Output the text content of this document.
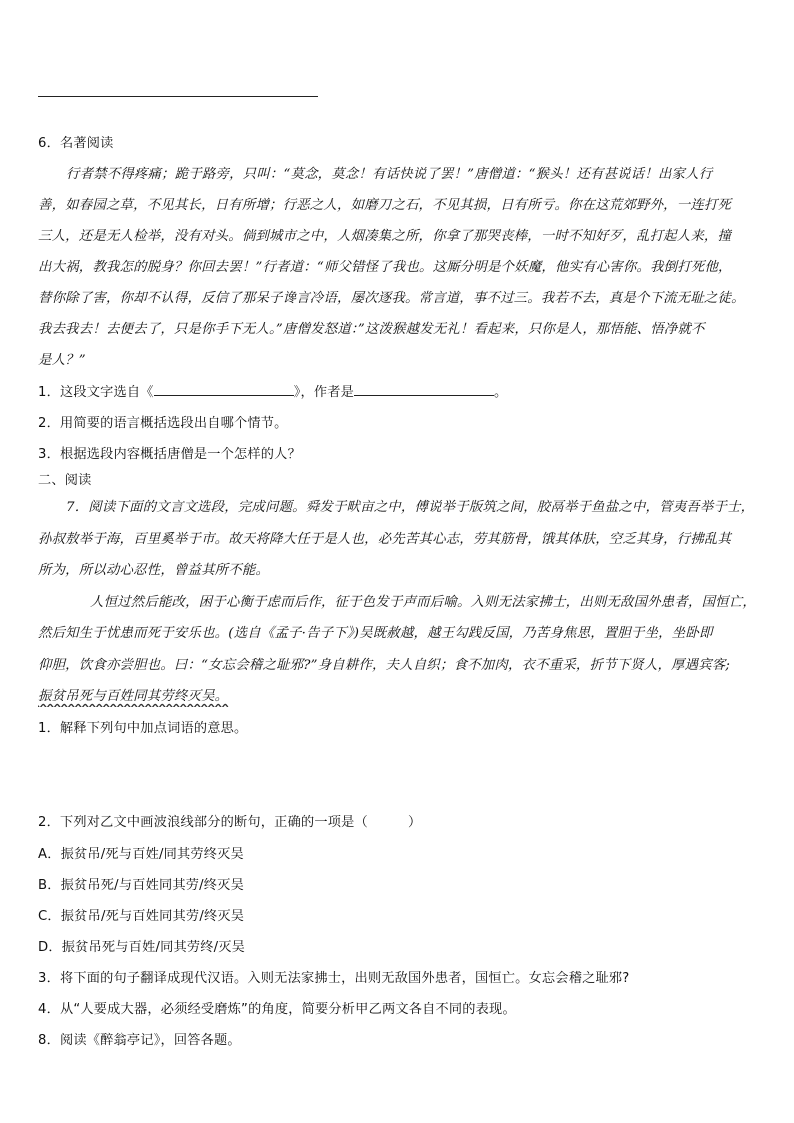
6．名著阅读
行者禁不得疼痛；跪于路旁，只叫：“莫念，莫念！有话快说了罢！”唐僧道：“猴头！还有甚说话！出家人行
善，如春园之草，不见其长，日有所增；行恶之人，如磨刀之石，不见其损，日有所亏。你在这荒郊野外，一连打死
三人，还是无人检举，没有对头。倘到城市之中，人烟凑集之所，你拿了那哭丧棒，一时不知好歹，乱打起人来，撞
出大祸，教我怎的脱身？你回去罢！”行者道：“师父错怪了我也。这厮分明是个妖魔，他实有心害你。我倒打死他，
替你除了害，你却不认得，反信了那呆子谗言冷语，屡次逐我。常言道，事不过三。我若不去，真是个下流无耻之徒。
我去我去！去便去了，只是你手下无人。”唐僧发怒道：”这泼猴越发无礼！看起来，只你是人，那悟能、悟净就不
是人？”
1．这段文字选自《	》，作者是	。
2．用简要的语言概括选段出自哪个情节。
3．根据选段内容概括唐僧是一个怎样的人？
二、阅读
7．阅读下面的文言文选段，完成问题。舜发于畎亩之中，傅说举于版筑之间，胶鬲举于鱼盐之中，管夷吾举于士，
孙叔敖举于海，百里奚举于市。故天将降大任于是人也，必先苦其心志，劳其筋骨，饿其体肤，空乏其身，行拂乱其
所为，所以动心忍性，曾益其所不能。
人恒过然后能改，困于心衡于虑而后作，征于色发于声而后喻。入则无法家拂士，出则无敌国外患者，国恒亡，
然后知生于忧患而死于安乐也。(选自《孟子·告子下》)吴既赦越，越王勾践反国，乃苦身焦思，置胆于坐，坐卧即
仰胆，饮食亦尝胆也。曰：“女忘会稽之耻邪?”身自耕作，夫人自织；食不加肉，衣不重采，折节下贤人，厚遇宾客;
振贫吊死与百姓同其劳终灭吴。
1．解释下列句中加点词语的意思。
2．下列对乙文中画波浪线部分的断句，正确的一项是（　　　）
A．振贫吊/死与百姓/同其劳终灭吴
B．振贫吊死/与百姓同其劳/终灭吴
C．振贫吊/死与百姓同其劳/终灭吴
D．振贫吊死与百姓/同其劳终/灭吴
3．将下面的句子翻译成现代汉语。入则无法家拂士，出则无敌国外患者，国恒亡。女忘会稽之耻邪?
4．从“人要成大器，必须经受磨炼”的角度，简要分析甲乙两文各自不同的表现。
8．阅读《醉翁亭记》，回答各题。
